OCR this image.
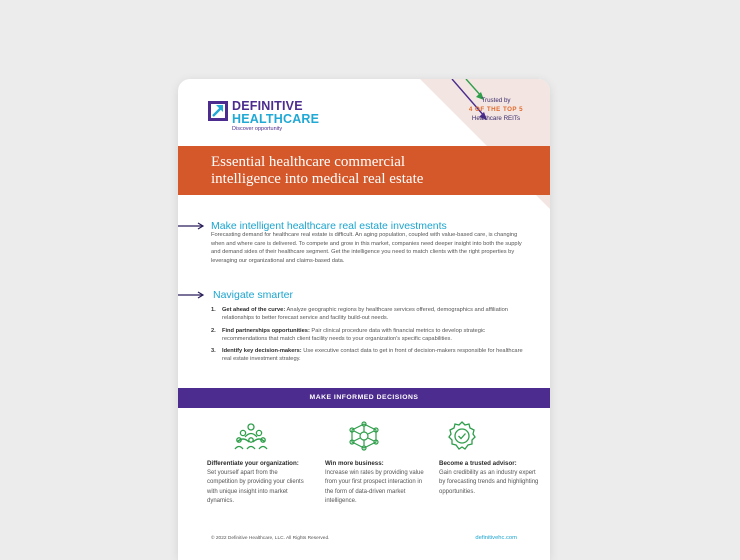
DEFINITIVE
HEALTHCARE
Discover opportunity
Trusted by
4 OF THE TOP 5
Healthcare REITs
Essential healthcare commercial intelligence into medical real estate
Make intelligent healthcare real estate investments
Forecasting demand for healthcare real estate is difficult. An aging population, coupled with value-based care, is changing when and where care is delivered. To compete and grow in this market, companies need deeper insight into both the supply and demand sides of their healthcare segment. Get the intelligence you need to match clients with the right properties by leveraging our organizational and claims-based data.
Navigate smarter
1. Get ahead of the curve: Analyze geographic regions by healthcare services offered, demographics and affiliation relationships to better forecast service and facility build-out needs.
2. Find partnerships opportunities: Pair clinical procedure data with financial metrics to develop strategic recommendations that match client facility needs to your organization's specific capabilities.
3. Identify key decision-makers: Use executive contact data to get in front of decision-makers responsible for healthcare real estate investment strategy.
MAKE INFORMED DECISIONS
Differentiate your organization:
Set yourself apart from the competition by providing your clients with unique insight into market dynamics.
Win more business:
Increase win rates by providing value from your first prospect interaction in the form of data-driven market intelligence.
Become a trusted advisor:
Gain credibility as an industry expert by forecasting trends and highlighting opportunities.
© 2022 Definitive Healthcare, LLC. All Rights Reserved.	definitivehc.com
